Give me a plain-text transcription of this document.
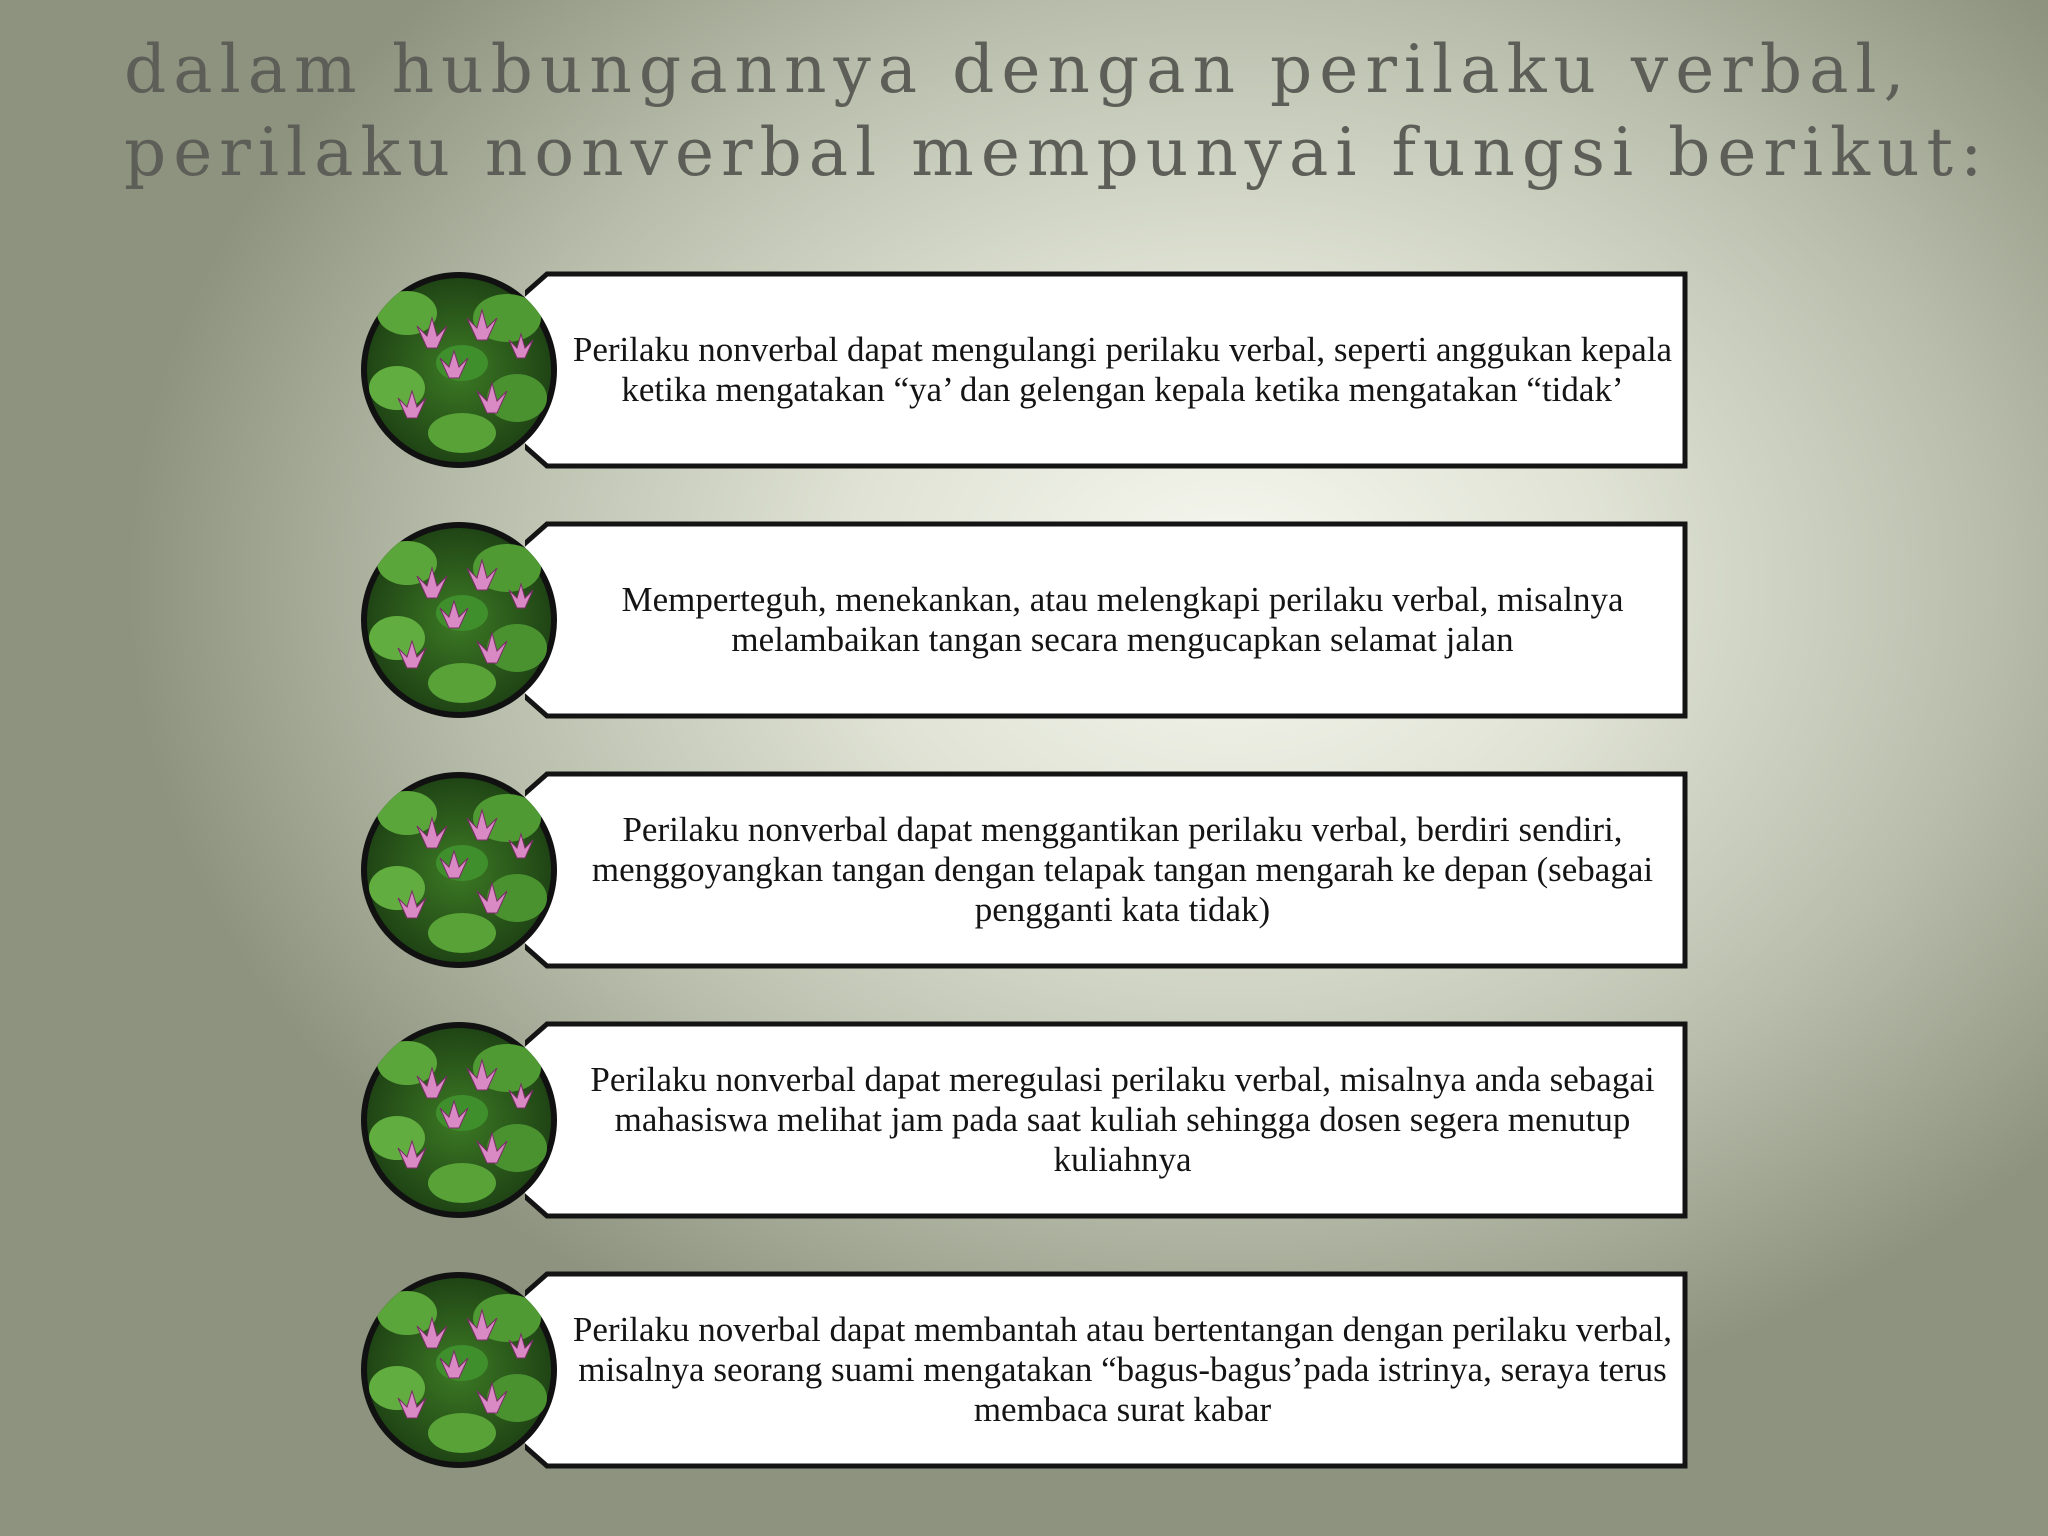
dalam hubungannya dengan perilaku verbal, perilaku nonverbal mempunyai fungsi berikut:
Perilaku nonverbal dapat mengulangi perilaku verbal, seperti anggukan kepala ketika mengatakan “ya’ dan gelengan kepala ketika mengatakan “tidak’
Memperteguh, menekankan, atau melengkapi perilaku verbal, misalnya melambaikan tangan secara mengucapkan selamat jalan
Perilaku nonverbal dapat menggantikan perilaku verbal, berdiri sendiri, menggoyangkan tangan dengan telapak tangan mengarah ke depan (sebagai pengganti kata tidak)
Perilaku nonverbal dapat meregulasi perilaku verbal, misalnya anda sebagai mahasiswa melihat jam pada saat kuliah sehingga dosen segera menutup kuliahnya
Perilaku noverbal dapat membantah atau bertentangan dengan perilaku verbal, misalnya seorang suami mengatakan “bagus-bagus’pada istrinya, seraya terus membaca surat kabar
